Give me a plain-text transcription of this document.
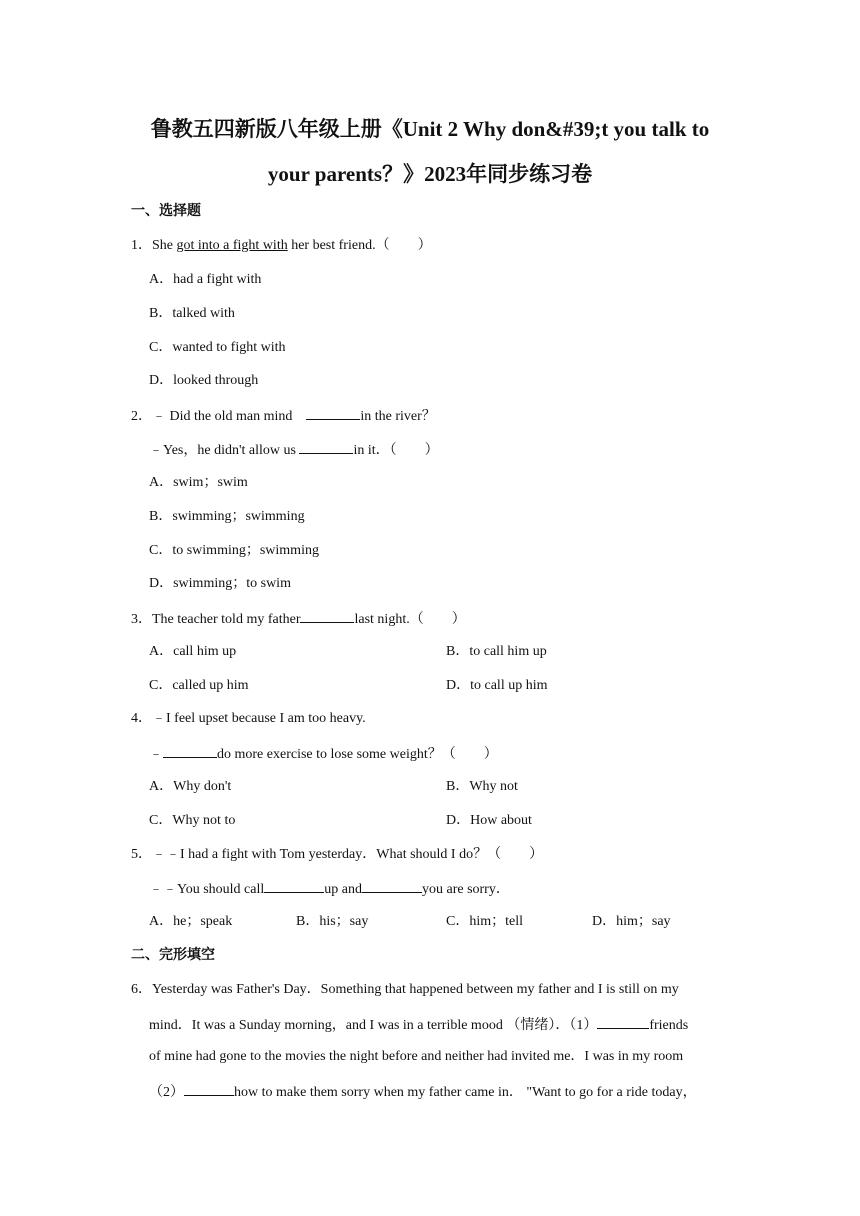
鲁教五四新版八年级上册《Unit 2 Why don&#39;t you talk to
your parents？》2023年同步练习卷
一、选择题
1．She got into a fight with her best friend.（　　）
A．had a fight with
B．talked with
C．wanted to fight with
D．looked through
2．﹣ Did the old man mind	in the river？
﹣Yes，he didn't allow us	in it．（　　）
A．swim；swim
B．swimming；swimming
C．to swimming；swimming
D．swimming；to swim
3．The teacher told my father	last night.（　　）
A．call him up	B．to call him up
C．called up him	D．to call up him
4．﹣I feel upset because I am too heavy.
﹣	do more exercise to lose some weight？（　　）
A．Why don't	B．Why not
C．Why not to	D．How about
5．﹣﹣I had a fight with Tom yesterday．What should I do？（　　）
﹣﹣You should call	up and	you are sorry．
A．he；speak	B．his；say	C．him；tell	D．him；say
二、完形填空
6．Yesterday was Father's Day．Something that happened between my father and I is still on my
mind．It was a Sunday morning，and I was in a terrible mood （情绪）．（1）	friends
of mine had gone to the movies the night before and neither had invited me．I was in my room
（2）	how to make them sorry when my father came in． "Want to go for a ride today，
